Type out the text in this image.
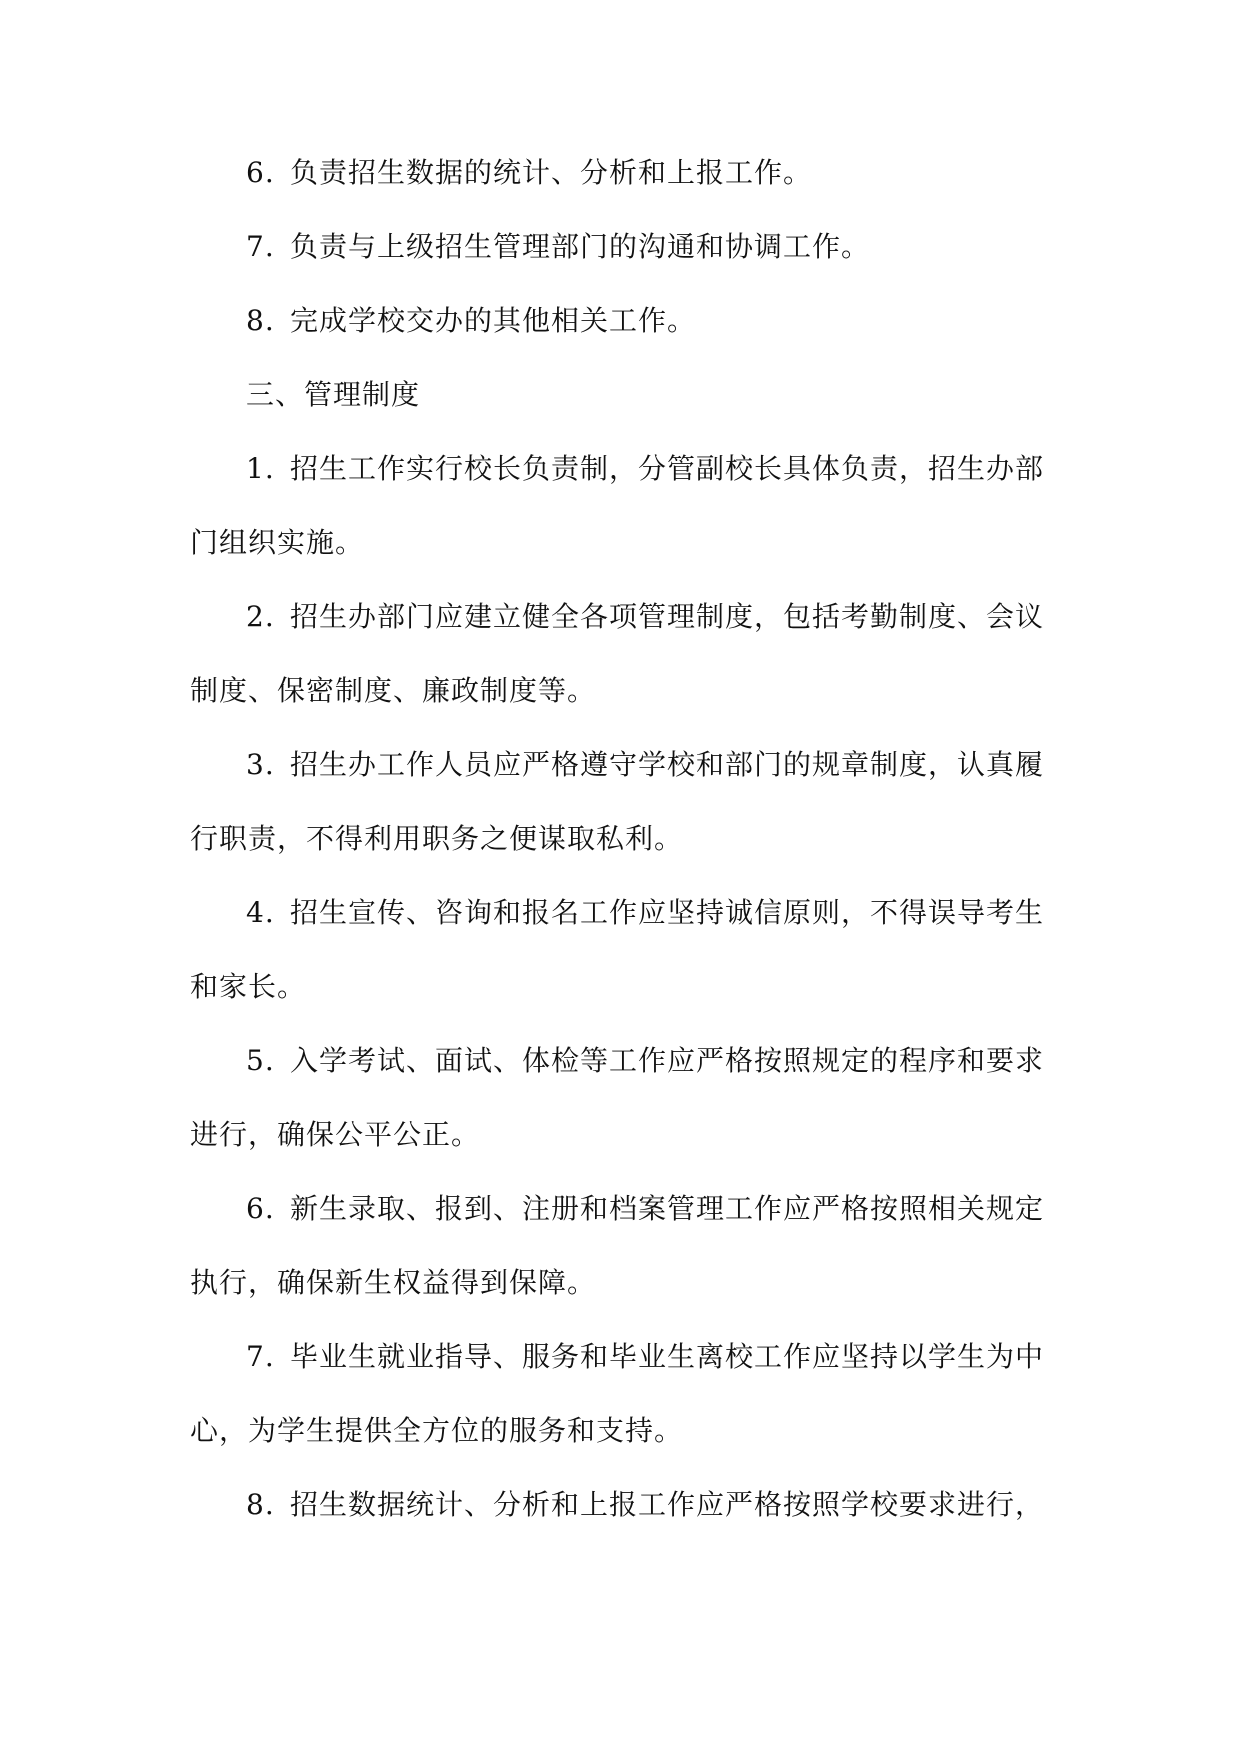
6. 负责招生数据的统计、分析和上报工作。
7. 负责与上级招生管理部门的沟通和协调工作。
8. 完成学校交办的其他相关工作。
三、管理制度
1. 招生工作实行校长负责制，分管副校长具体负责，招生办部
门组织实施。
2. 招生办部门应建立健全各项管理制度，包括考勤制度、会议
制度、保密制度、廉政制度等。
3. 招生办工作人员应严格遵守学校和部门的规章制度，认真履
行职责，不得利用职务之便谋取私利。
4. 招生宣传、咨询和报名工作应坚持诚信原则，不得误导考生
和家长。
5. 入学考试、面试、体检等工作应严格按照规定的程序和要求
进行，确保公平公正。
6. 新生录取、报到、注册和档案管理工作应严格按照相关规定
执行，确保新生权益得到保障。
7. 毕业生就业指导、服务和毕业生离校工作应坚持以学生为中
心，为学生提供全方位的服务和支持。
8. 招生数据统计、分析和上报工作应严格按照学校要求进行，
